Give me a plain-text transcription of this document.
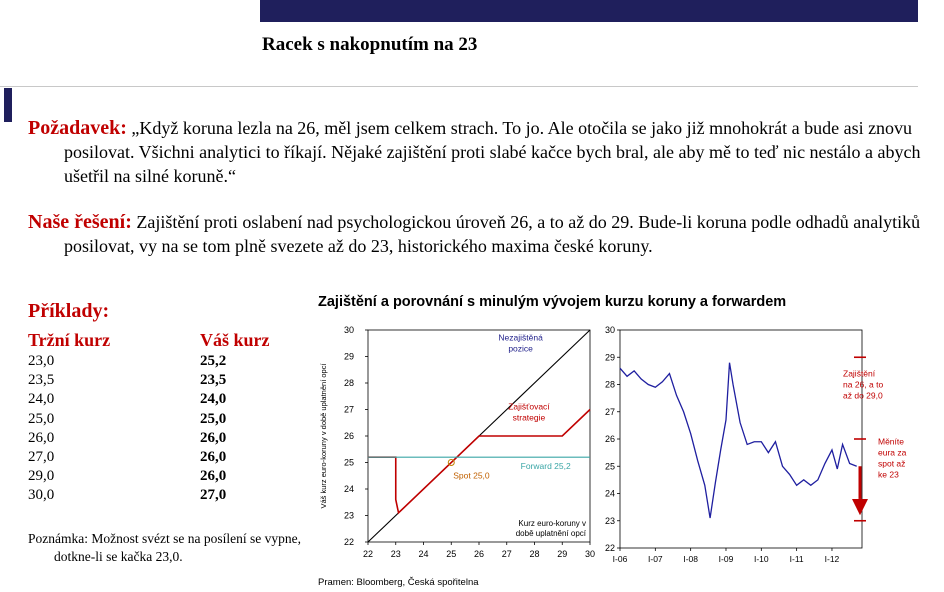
Racek s nakopnutím na 23
Požadavek: „Když koruna lezla na 26, měl jsem celkem strach. To jo. Ale otočila se jako již mnohokrát a bude asi znovu posilovat. Všichni analytici to říkají. Nějaké zajištění proti slabé kačce bych bral, ale aby mě to teď nic nestálo a abych ušetřil na silné koruně.“
Naše řešení: Zajištění proti oslabení nad psychologickou úroveň 26, a to až do 29. Bude-li koruna podle odhadů analytiků posilovat, vy na se tom plně svezete až do 23, historického maxima české koruny.
Příklady:
Tržní kurz	Váš kurz
23,0	25,2
23,5	23,5
24,0	24,0
25,0	25,0
26,0	26,0
27,0	26,0
29,0	26,0
30,0	27,0
Poznámka: Možnost svézt se na posílení se vypne, dotkne-li se kačka 23,0.
Zajištění a porovnání s minulým vývojem kurzu koruny a forwardem
22
23
24
25
26
27
28
29
30
22 23 24 25 26 27 28 29 30
Váš kurz euro-koruny v době uplatnění opcí
Nezajištěná pozice
Zajišťovací strategie
Forward 25,2
Spot 25,0
Kurz euro-koruny v době uplatnění opcí
22
23
24
25
26
27
28
29
30
I-06 I-07 I-08 I-09 I-10 I-11 I-12
Zajištění na 26, a to až do 29,0
Měníte eura za spot až ke 23
Pramen: Bloomberg, Česká spořitelna
